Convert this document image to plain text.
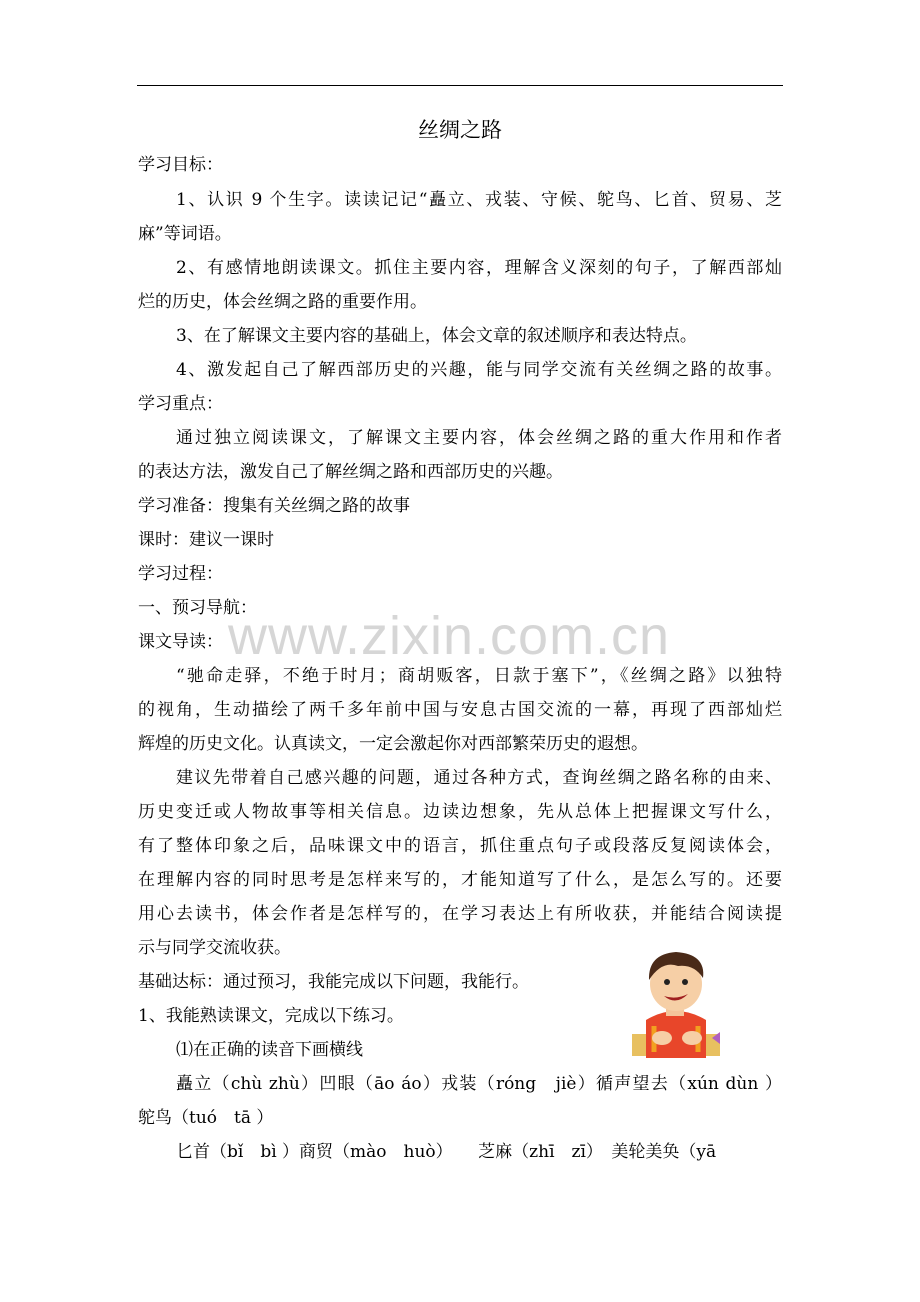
丝绸之路
www.zixin.com.cn
学习目标：
1、认识 9 个生字。读读记记“矗立、戎装、守候、鸵鸟、匕首、贸易、芝
麻”等词语。
2、有感情地朗读课文。抓住主要内容，理解含义深刻的句子，了解西部灿
烂的历史，体会丝绸之路的重要作用。
3、在了解课文主要内容的基础上，体会文章的叙述顺序和表达特点。
4、激发起自己了解西部历史的兴趣，能与同学交流有关丝绸之路的故事。
学习重点：
通过独立阅读课文，了解课文主要内容，体会丝绸之路的重大作用和作者
的表达方法，激发自己了解丝绸之路和西部历史的兴趣。
学习准备：搜集有关丝绸之路的故事
课时：建议一课时
学习过程：
一、预习导航：
课文导读：
“驰命走驿，不绝于时月；商胡贩客，日款于塞下”，《丝绸之路》以独特
的视角，生动描绘了两千多年前中国与安息古国交流的一幕，再现了西部灿烂
辉煌的历史文化。认真读文，一定会激起你对西部繁荣历史的遐想。
建议先带着自己感兴趣的问题，通过各种方式，查询丝绸之路名称的由来、
历史变迁或人物故事等相关信息。边读边想象，先从总体上把握课文写什么，
有了整体印象之后，品味课文中的语言，抓住重点句子或段落反复阅读体会，
在理解内容的同时思考是怎样来写的，才能知道写了什么，是怎么写的。还要
用心去读书，体会作者是怎样写的，在学习表达上有所收获，并能结合阅读提
示与同学交流收获。
基础达标：通过预习，我能完成以下问题，我能行。
1、我能熟读课文，完成以下练习。
⑴在正确的读音下画横线
矗立（chù zhù）凹眼（āo áo）戎装（róng　jiè）循声望去（xún dùn ）
鸵鸟（tuó　tā ）
匕首（bǐ　bì ）商贸（mào　huò）　　芝麻（zhī　zī）　美轮美奂（yā
